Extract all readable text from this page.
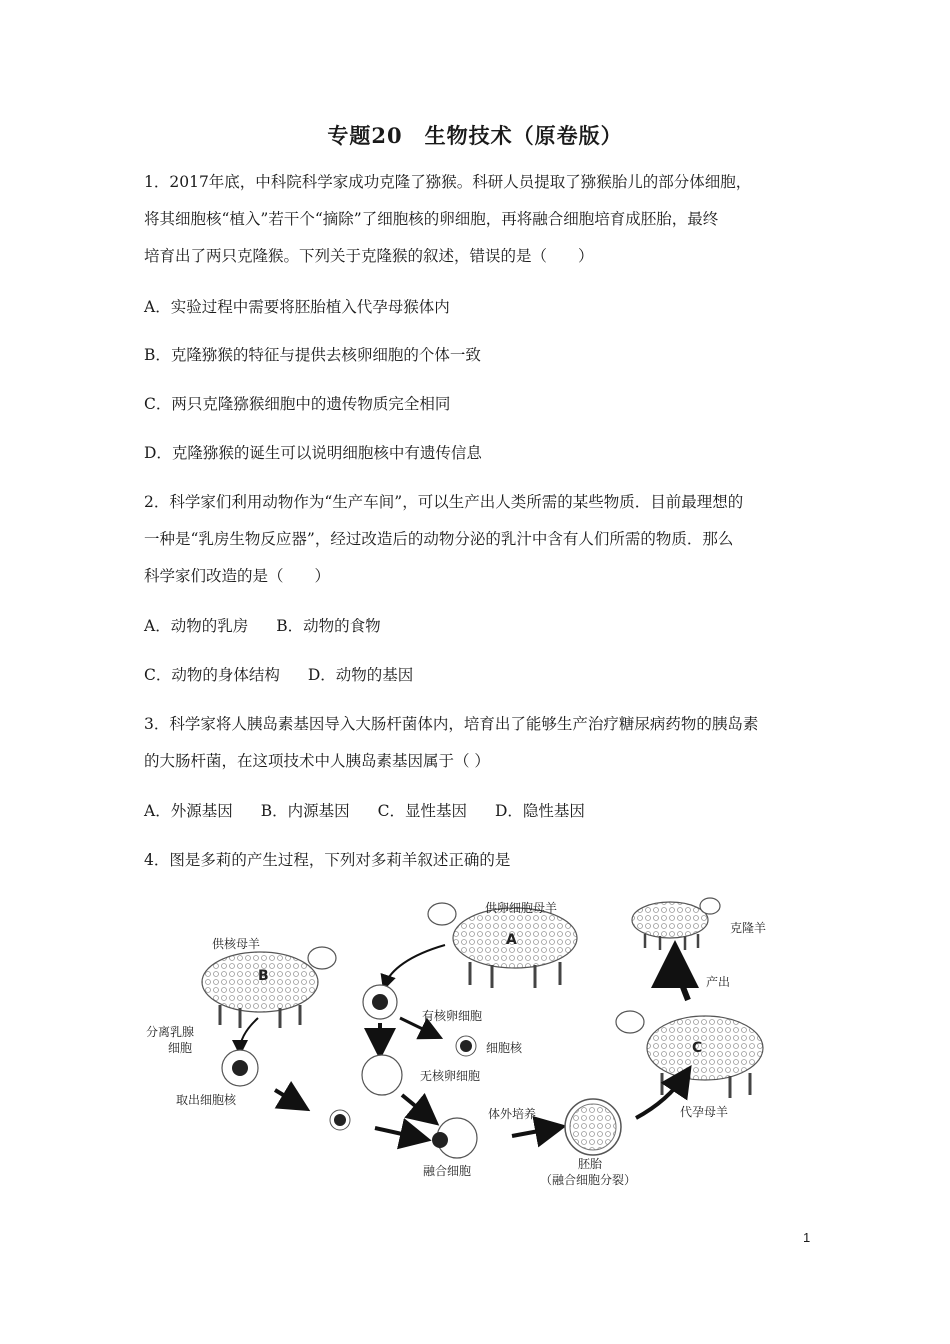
专题20　生物技术（原卷版）
1．2017年底，中科院科学家成功克隆了猕猴。科研人员提取了猕猴胎儿的部分体细胞，
将其细胞核“植入”若干个“摘除”了细胞核的卵细胞，再将融合细胞培育成胚胎，最终
培育出了两只克隆猴。下列关于克隆猴的叙述，错误的是（　　）
A．实验过程中需要将胚胎植入代孕母猴体内
B．克隆猕猴的特征与提供去核卵细胞的个体一致
C．两只克隆猕猴细胞中的遗传物质完全相同
D．克隆猕猴的诞生可以说明细胞核中有遗传信息
2．科学家们利用动物作为“生产车间”，可以生产出人类所需的某些物质．目前最理想的
一种是“乳房生物反应器”，经过改造后的动物分泌的乳汁中含有人们所需的物质．那么
科学家们改造的是（　　）
A．动物的乳房 B．动物的食物
C．动物的身体结构 D．动物的基因
3．科学家将人胰岛素基因导入大肠杆菌体内，培育出了能够生产治疗糖尿病药物的胰岛素
的大肠杆菌，在这项技术中人胰岛素基因属于（ ）
A．外源基因 B．内源基因 C．显性基因 D．隐性基因
4．图是多莉的产生过程，下列对多莉羊叙述正确的是
B
供核母羊	A
供卵细胞母羊
克隆羊
C
代孕母羊
产出
分离乳腺
细胞
取出细胞核
有核卵细胞
细胞核
无核卵细胞
融合细胞
体外培养
胚胎
（融合细胞分裂）
1
